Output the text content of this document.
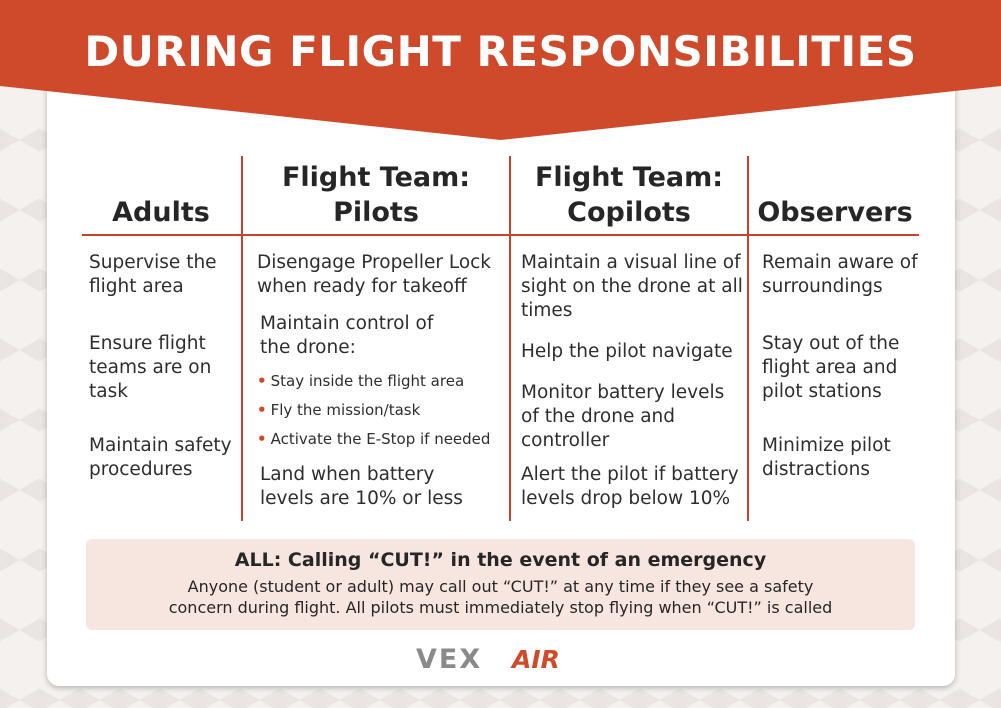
DURING FLIGHT RESPONSIBILITIES
Adults
Flight Team:
Pilots
Flight Team:
Copilots	Observers
Supervise the flight area
Ensure flight teams are on task
Maintain safety procedures
Disengage Propeller Lock when ready for takeoff
Maintain control of the drone:
• Stay inside the flight area
• Fly the mission/task
• Activate the E-Stop if needed
Land when battery levels are 10% or less
Maintain a visual line of sight on the drone at all times
Help the pilot navigate
Monitor battery levels of the drone and controller
Alert the pilot if battery levels drop below 10%
Remain aware of surroundings
Stay out of the flight area and pilot stations
Minimize pilot distractions
ALL: Calling “CUT!” in the event of an emergency
Anyone (student or adult) may call out “CUT!” at any time if they see a safety
concern during flight. All pilots must immediately stop flying when “CUT!” is called
VEX AIR
